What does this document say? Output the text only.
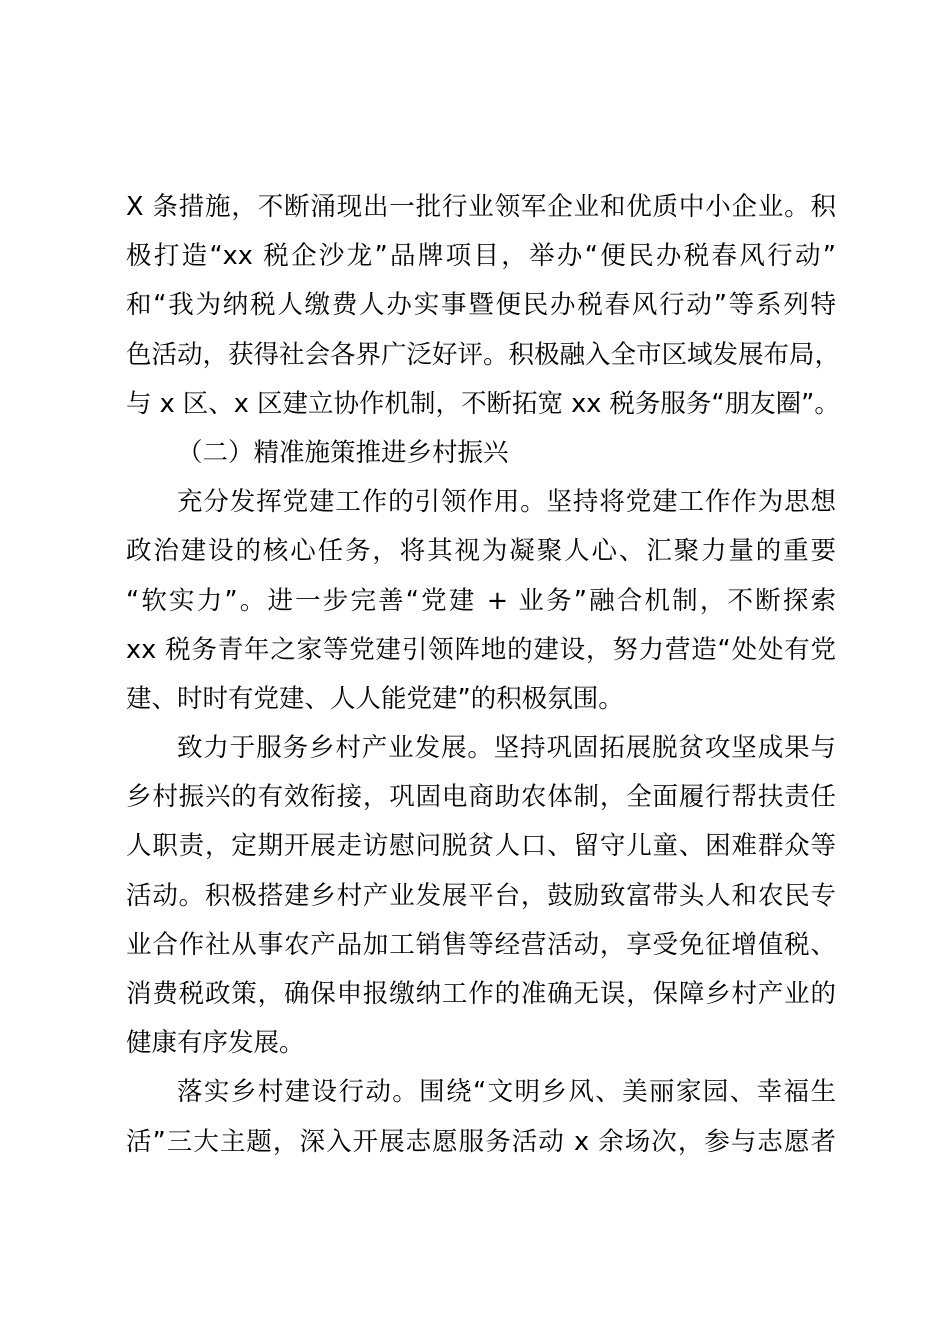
X 条措施，不断涌现出一批行业领军企业和优质中小企业。积
极打造“xx 税企沙龙”品牌项目，举办“便民办税春风行动”
和“我为纳税人缴费人办实事暨便民办税春风行动”等系列特
色活动，获得社会各界广泛好评。积极融入全市区域发展布局，
与 x 区、x 区建立协作机制，不断拓宽 xx 税务服务“朋友圈”。
（二）精准施策推进乡村振兴
充分发挥党建工作的引领作用。坚持将党建工作作为思想
政治建设的核心任务，将其视为凝聚人心、汇聚力量的重要
“软实力”。进一步完善“党建 + 业务”融合机制，不断探索
xx 税务青年之家等党建引领阵地的建设，努力营造“处处有党
建、时时有党建、人人能党建”的积极氛围。
致力于服务乡村产业发展。坚持巩固拓展脱贫攻坚成果与
乡村振兴的有效衔接，巩固电商助农体制，全面履行帮扶责任
人职责，定期开展走访慰问脱贫人口、留守儿童、困难群众等
活动。积极搭建乡村产业发展平台，鼓励致富带头人和农民专
业合作社从事农产品加工销售等经营活动，享受免征增值税、
消费税政策，确保申报缴纳工作的准确无误，保障乡村产业的
健康有序发展。
落实乡村建设行动。围绕“文明乡风、美丽家园、幸福生
活”三大主题，深入开展志愿服务活动 x 余场次，参与志愿者
